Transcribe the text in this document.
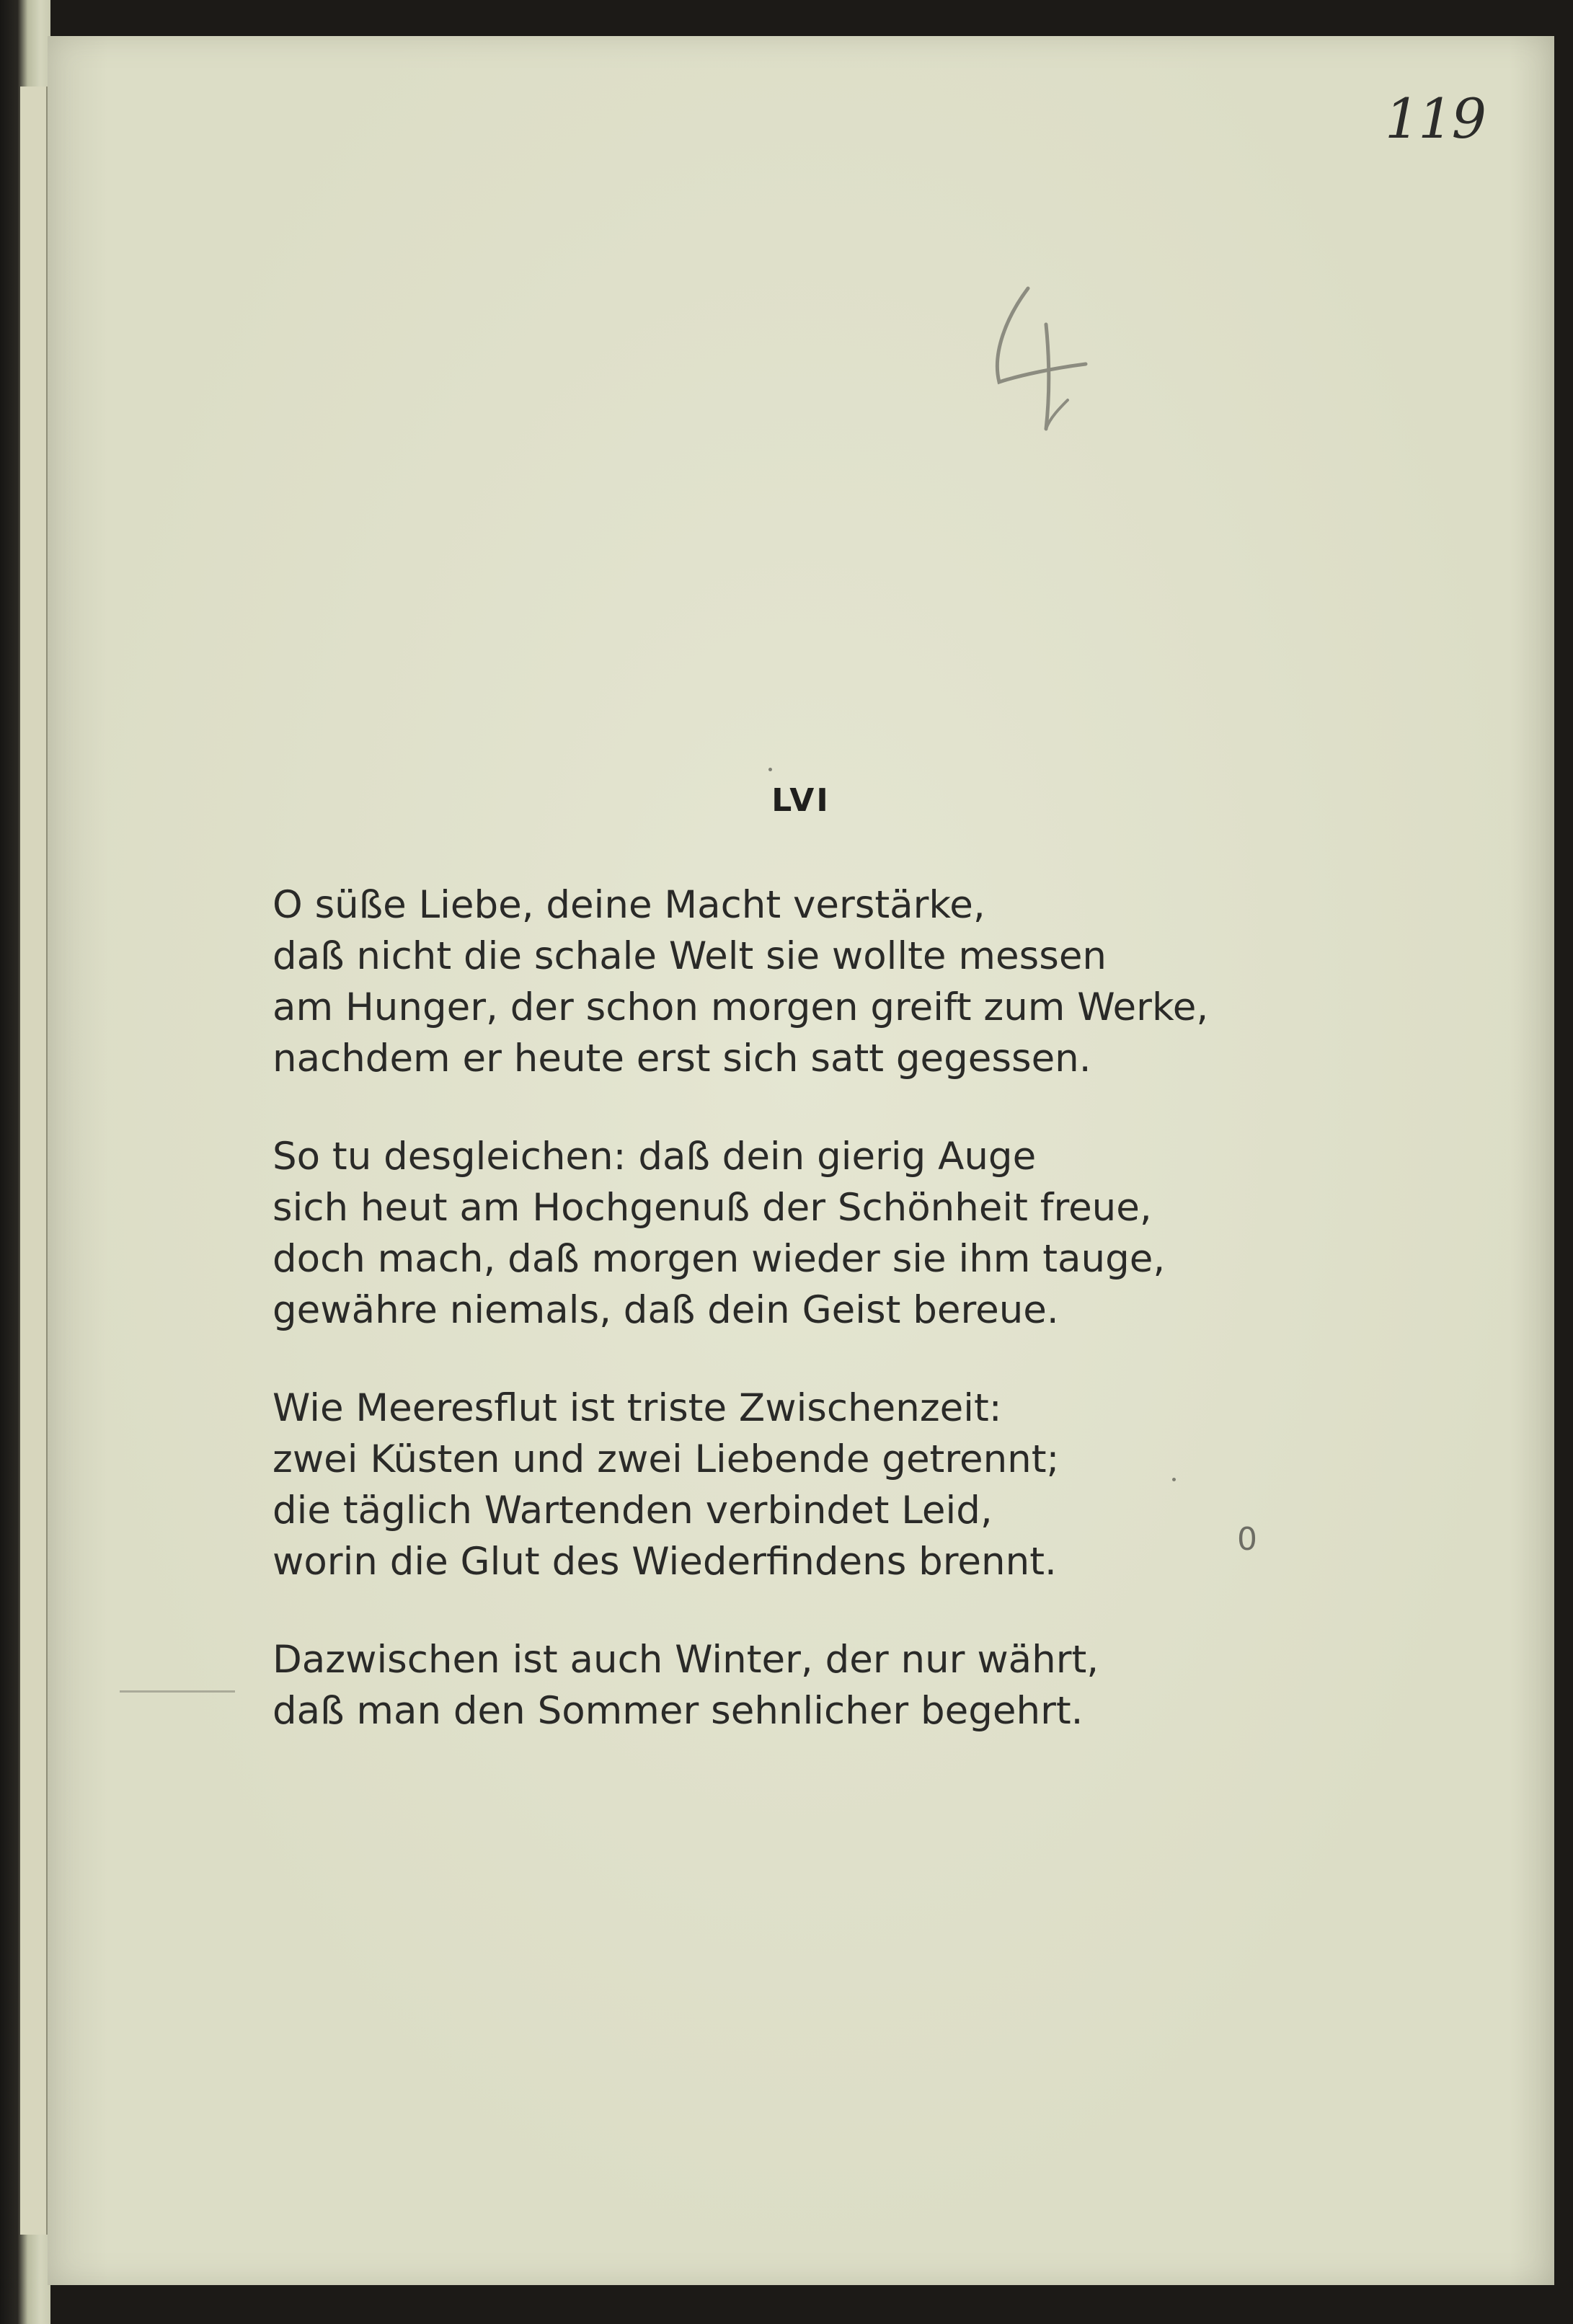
119
LVI
O süße Liebe, deine Macht verstärke,
daß nicht die schale Welt sie wollte messen
am Hunger, der schon morgen greift zum Werke,
nachdem er heute erst sich satt gegessen.
So tu desgleichen: daß dein gierig Auge
sich heut am Hochgenuß der Schönheit freue,
doch mach, daß morgen wieder sie ihm tauge,
gewähre niemals, daß dein Geist bereue.
Wie Meeresflut ist triste Zwischenzeit:
zwei Küsten und zwei Liebende getrennt;
die täglich Wartenden verbindet Leid,
worin die Glut des Wiederfindens brennt.
Dazwischen ist auch Winter, der nur währt,
daß man den Sommer sehnlicher begehrt.
0
